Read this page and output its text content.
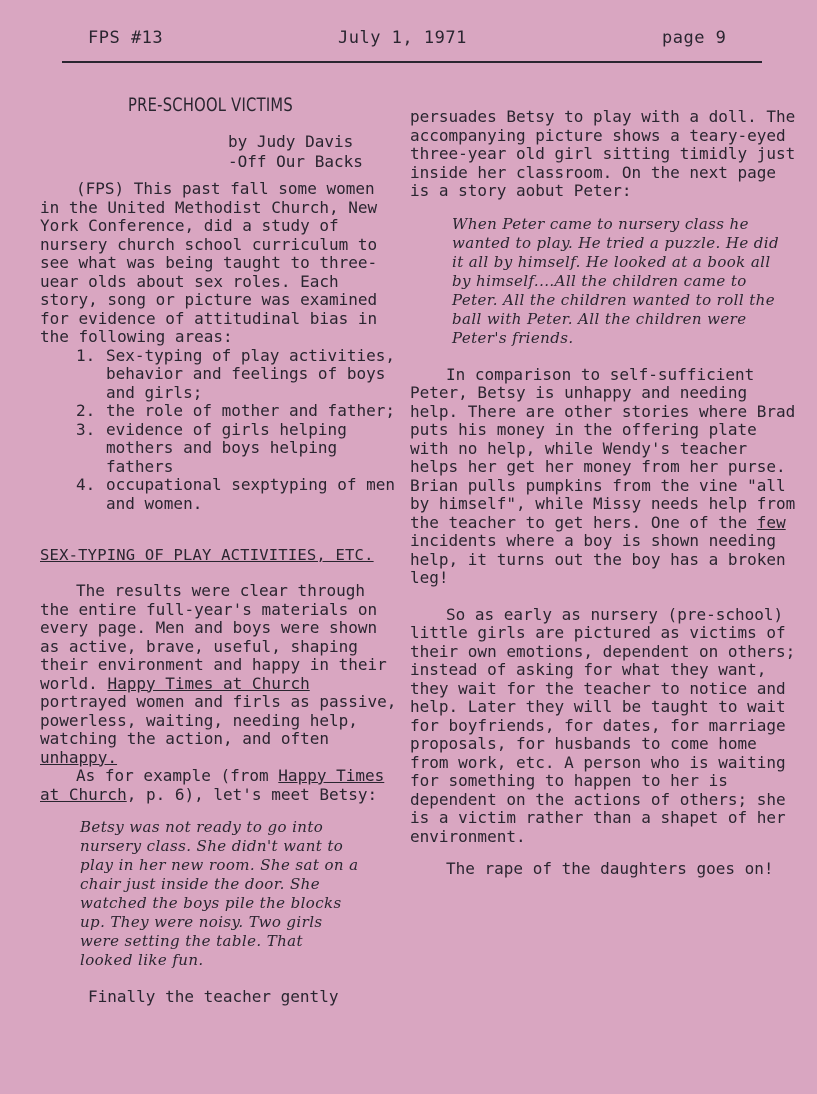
FPS #13	July 1, 1971	page 9
PRE-SCHOOL VICTIMS
by Judy Davis
-Off Our Backs

(FPS) This past fall some women in the United Methodist Church, New York Conference, did a study of nursery church school curriculum to see what was being taught to three-uear olds about sex roles. Each story, song or picture was examined for evidence of attitudinal bias in the following areas:

1. Sex-typing of play activities, behavior and feelings of boys and girls;
2. the role of mother and father;
3. evidence of girls helping mothers and boys helping fathers
4. occupational sexptyping of men and women.
SEX-TYPING OF PLAY ACTIVITIES, ETC.

The results were clear through the entire full-year's materials on every page. Men and boys were shown as active, brave, useful, shaping their environment and happy in their world. Happy Times at Church portrayed women and firls as passive, powerless, waiting, needing help, watching the action, and often unhappy.

As for example (from Happy Times at Church, p. 6), let's meet Betsy:

Betsy was not ready to go into nursery class. She didn't want to play in her new room. She sat on a chair just inside the door. She watched the boys pile the blocks up. They were noisy. Two girls were setting the table. That looked like fun.

Finally the teacher gently

persuades Betsy to play with a doll. The accompanying picture shows a teary-eyed three-year old girl sitting timidly just inside her classroom. On the next page is a story aobut Peter:

When Peter came to nursery class he wanted to play. He tried a puzzle. He did it all by himself. He looked at a book all by himself....All the children came to Peter. All the children wanted to roll the ball with Peter. All the children were Peter's friends.

In comparison to self-sufficient Peter, Betsy is unhappy and needing help. There are other stories where Brad puts his money in the offering plate with no help, while Wendy's teacher helps her get her money from her purse. Brian pulls pumpkins from the vine "all by himself", while Missy needs help from the teacher to get hers. One of the few incidents where a boy is shown needing help, it turns out the boy has a broken leg!

So as early as nursery (pre-school) little girls are pictured as victims of their own emotions, dependent on others; instead of asking for what they want, they wait for the teacher to notice and help. Later they will be taught to wait for boyfriends, for dates, for marriage proposals, for husbands to come home from work, etc. A person who is waiting for something to happen to her is dependent on the actions of others; she is a victim rather than a shapet of her environment.

The rape of the daughters goes on!
